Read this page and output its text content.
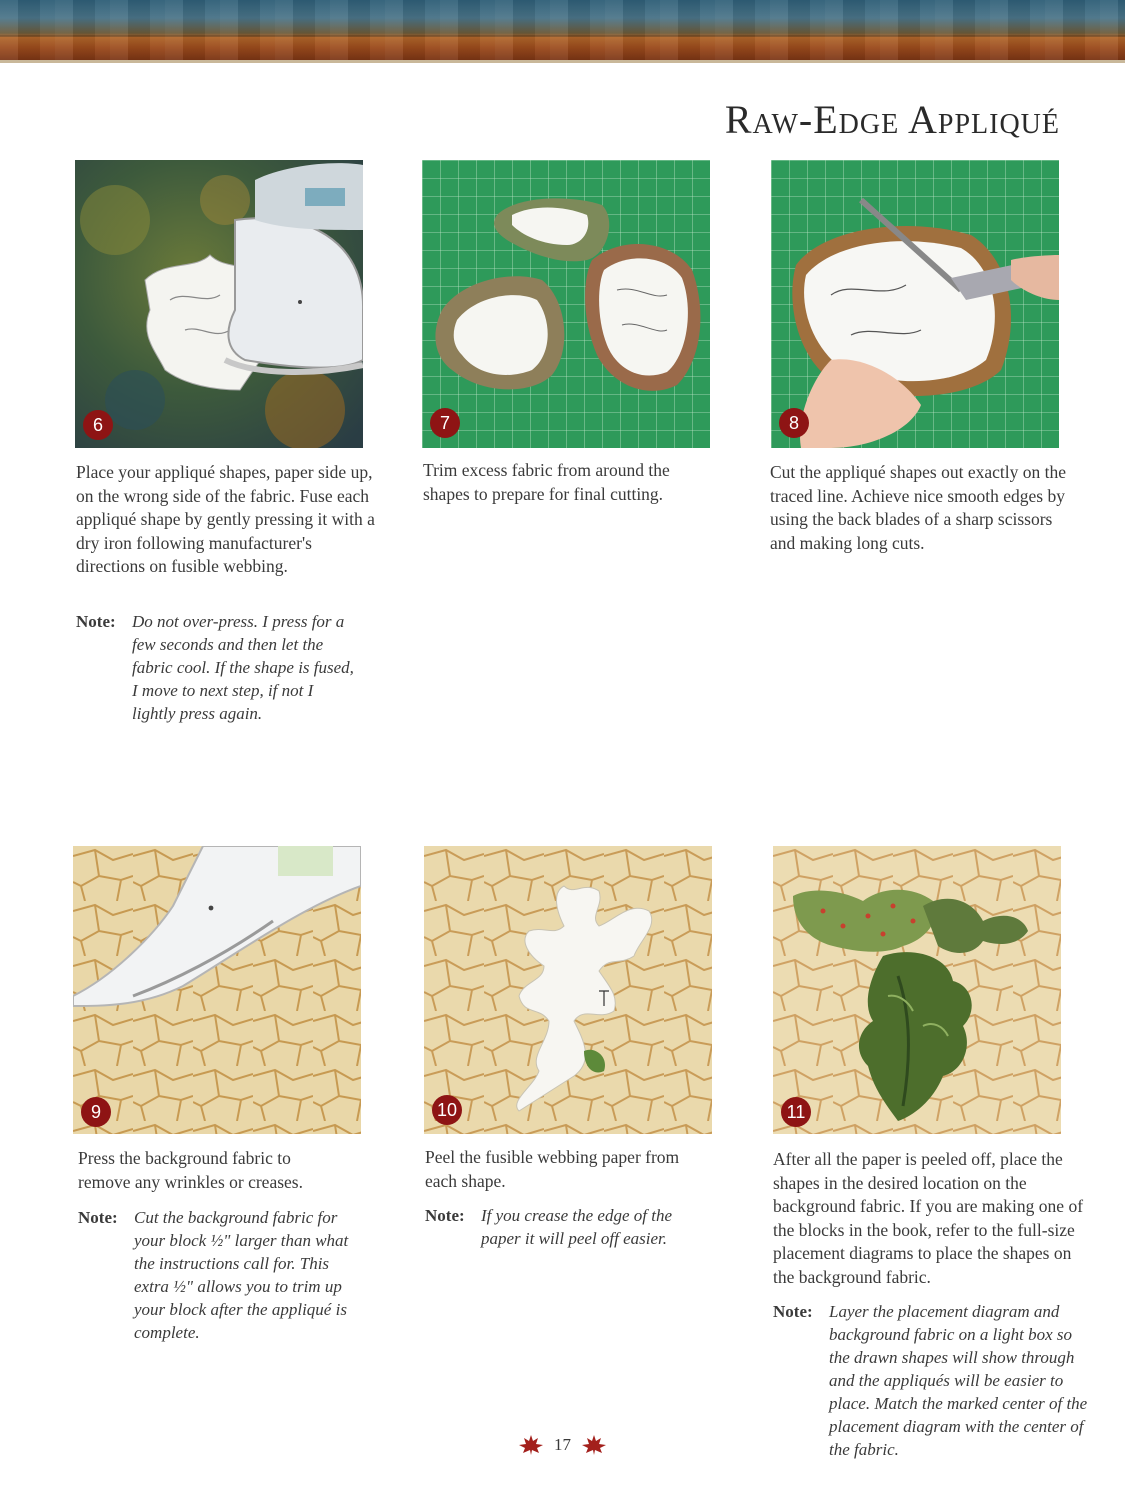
Raw-Edge Appliqué
6

Place your appliqué shapes, paper side up, on the wrong side of the fabric. Fuse each appliqué shape by gently pressing it with a dry iron following manufacturer's directions on fusible webbing.

Note: Do not over-press. I press for a few seconds and then let the fabric cool. If the shape is fused, I move to next step, if not I lightly press again.

7

Trim excess fabric from around the shapes to prepare for final cutting.

8

Cut the appliqué shapes out exactly on the traced line. Achieve nice smooth edges by using the back blades of a sharp scissors and making long cuts.

9

Press the background fabric to remove any wrinkles or creases.

Note: Cut the background fabric for your block ½" larger than what the instructions call for. This extra ½" allows you to trim up your block after the appliqué is complete.

10

Peel the fusible webbing paper from each shape.

Note: If you crease the edge of the paper it will peel off easier.

11

After all the paper is peeled off, place the shapes in the desired location on the background fabric. If you are making one of the blocks in the book, refer to the full-size placement diagrams to place the shapes on the background fabric.

Note: Layer the placement diagram and background fabric on a light box so the drawn shapes will show through and the appliqués will be easier to place. Match the marked center of the placement diagram with the center of the fabric.

17
